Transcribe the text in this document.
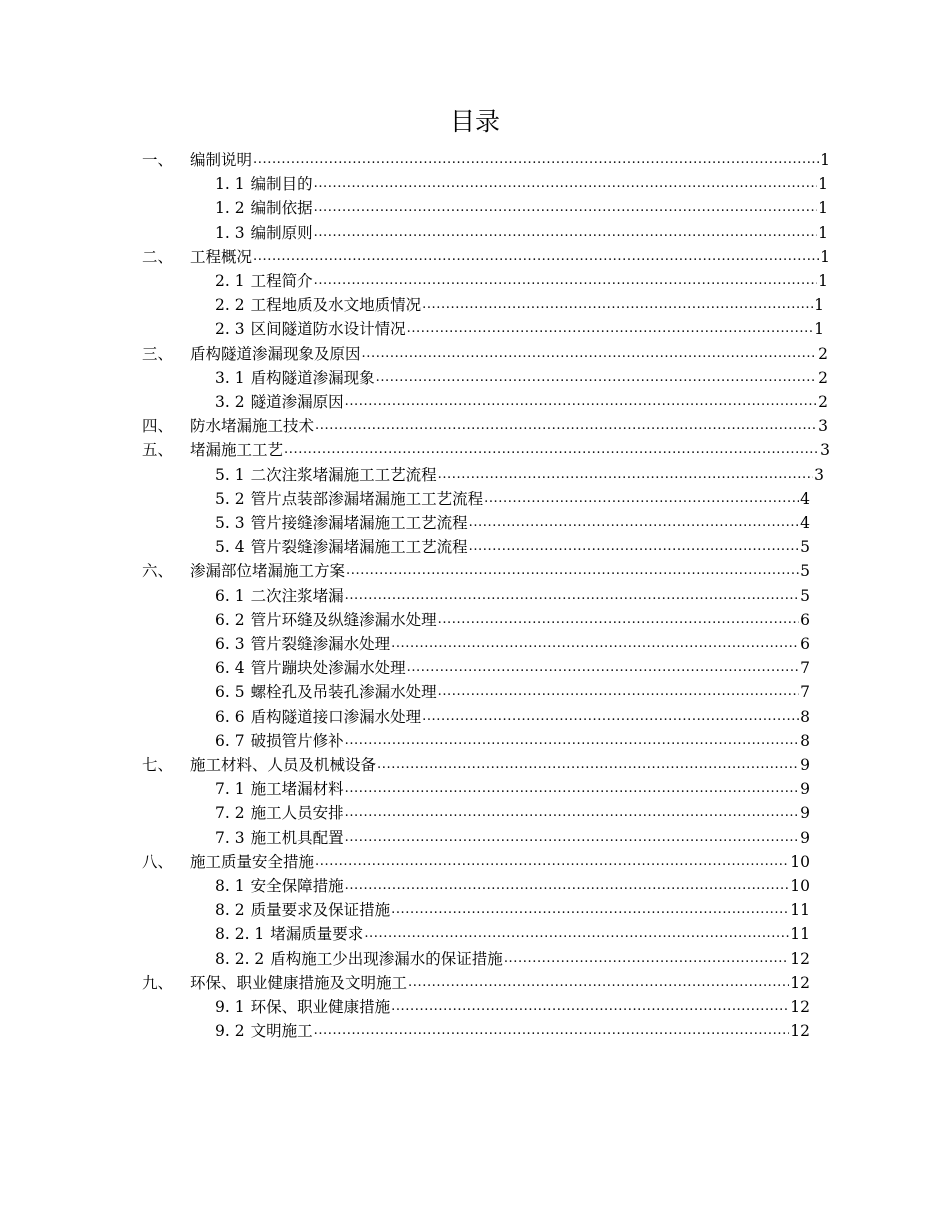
目录
一、 编制说明 .....	1
1. 1 编制目的 .....	1
1. 2 编制依据 .....	1
1. 3 编制原则 .....	1
二、 工程概况 .....	1
2. 1 工程简介 .....	1
2. 2 工程地质及水文地质情况 .....	1
2. 3 区间隧道防水设计情况 .....	1
三、 盾构隧道渗漏现象及原因 .....	2
3. 1 盾构隧道渗漏现象 .....	2
3. 2 隧道渗漏原因 .....	2
四、 防水堵漏施工技术 .....	3
五、 堵漏施工工艺 .....	3
5. 1 二次注浆堵漏施工工艺流程 .....	3
5. 2 管片点装部渗漏堵漏施工工艺流程 .....	4
5. 3 管片接缝渗漏堵漏施工工艺流程 .....	4
5. 4 管片裂缝渗漏堵漏施工工艺流程 .....	5
六、 渗漏部位堵漏施工方案 .....	5
6. 1 二次注浆堵漏 .....	5
6. 2 管片环缝及纵缝渗漏水处理 .....	6
6. 3 管片裂缝渗漏水处理 .....	6
6. 4 管片蹦块处渗漏水处理 .....	7
6. 5 螺栓孔及吊装孔渗漏水处理 .....	7
6. 6 盾构隧道接口渗漏水处理 .....	8
6. 7 破损管片修补 .....	8
七、 施工材料、人员及机械设备 .....	9
7. 1 施工堵漏材料 .....	9
7. 2 施工人员安排 .....	9
7. 3 施工机具配置 .....	9
八、 施工质量安全措施 .....	10
8. 1 安全保障措施 .....	10
8. 2 质量要求及保证措施 .....	11
8. 2. 1 堵漏质量要求 .....	11
8. 2. 2 盾构施工少出现渗漏水的保证措施 .....	12
九、 环保、职业健康措施及文明施工 .....	12
9. 1 环保、职业健康措施 .....	12
9. 2 文明施工 .....	12
